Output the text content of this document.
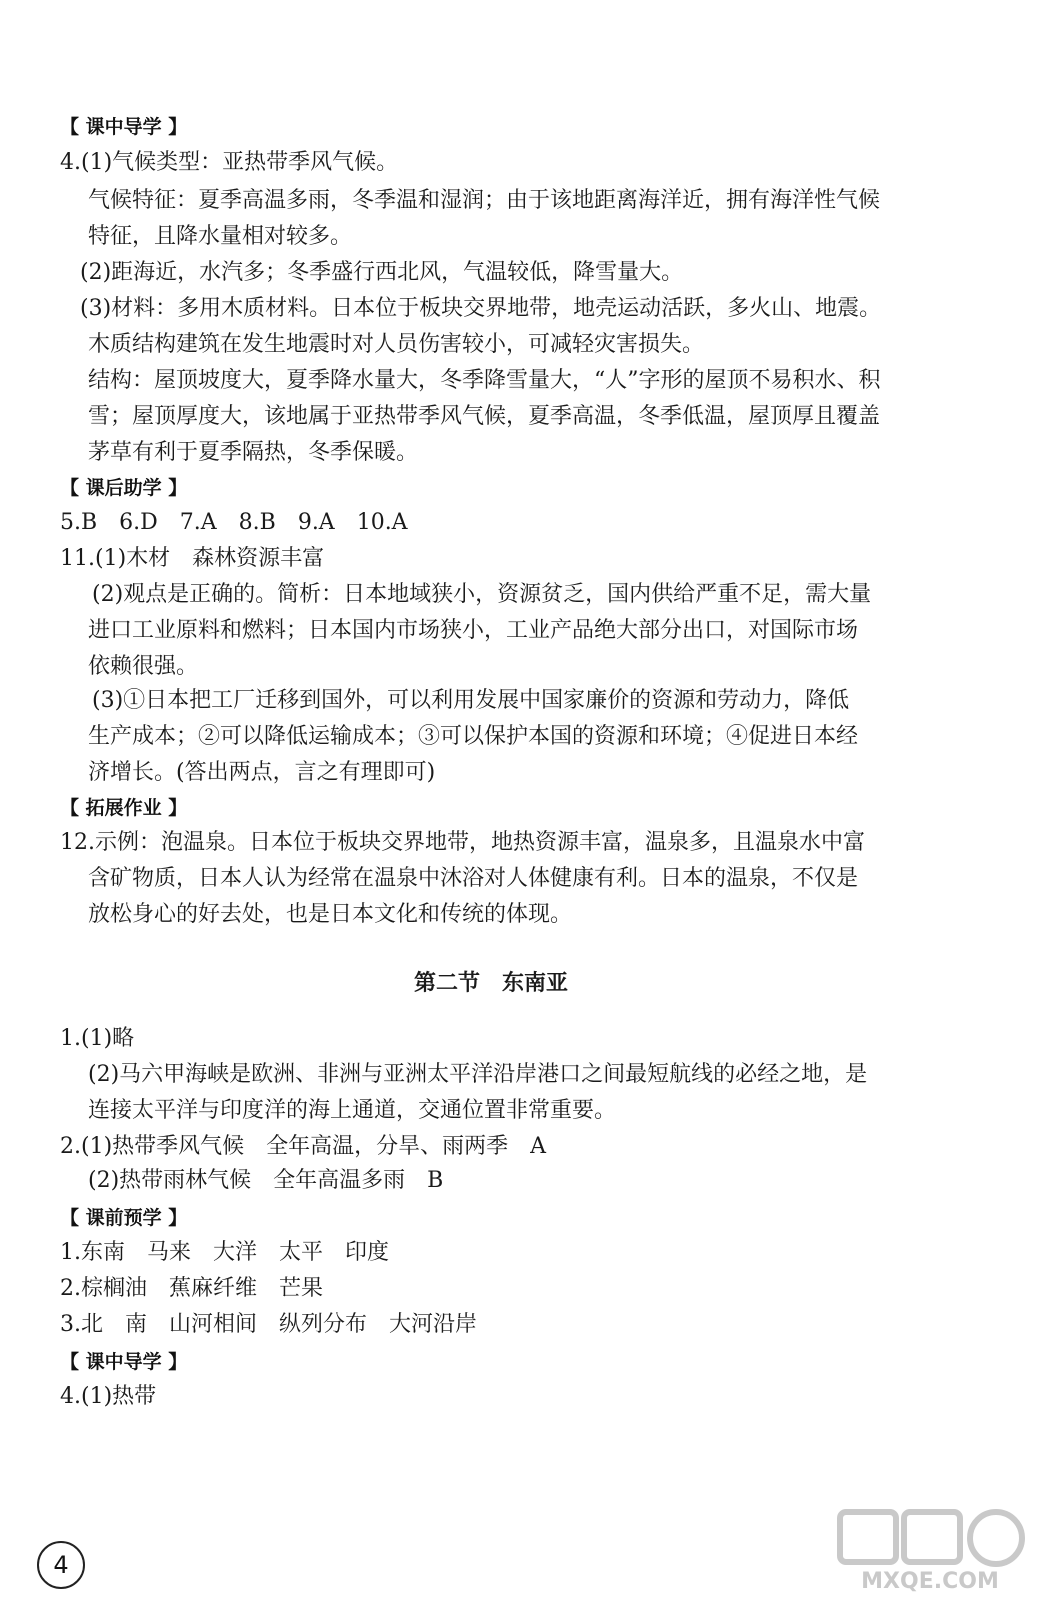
【 课中导学 】
4.(1)气候类型：亚热带季风气候。
气候特征：夏季高温多雨，冬季温和湿润；由于该地距离海洋近，拥有海洋性气候
特征，且降水量相对较多。
(2)距海近，水汽多；冬季盛行西北风，气温较低，降雪量大。
(3)材料：多用木质材料。日本位于板块交界地带，地壳运动活跃，多火山、地震。
木质结构建筑在发生地震时对人员伤害较小，可减轻灾害损失。
结构：屋顶坡度大，夏季降水量大，冬季降雪量大，“人”字形的屋顶不易积水、积
雪；屋顶厚度大，该地属于亚热带季风气候，夏季高温，冬季低温，屋顶厚且覆盖
茅草有利于夏季隔热，冬季保暖。
【 课后助学 】
5.B　6.D　7.A　8.B　9.A　10.A
11.(1)木材　森林资源丰富
(2)观点是正确的。简析：日本地域狭小，资源贫乏，国内供给严重不足，需大量
进口工业原料和燃料；日本国内市场狭小，工业产品绝大部分出口，对国际市场
依赖很强。
(3)①日本把工厂迁移到国外，可以利用发展中国家廉价的资源和劳动力，降低
生产成本；②可以降低运输成本；③可以保护本国的资源和环境；④促进日本经
济增长。(答出两点，言之有理即可)
【 拓展作业 】
12.示例：泡温泉。日本位于板块交界地带，地热资源丰富，温泉多，且温泉水中富
含矿物质，日本人认为经常在温泉中沐浴对人体健康有利。日本的温泉，不仅是
放松身心的好去处，也是日本文化和传统的体现。
第二节　东南亚
1.(1)略
(2)马六甲海峡是欧洲、非洲与亚洲太平洋沿岸港口之间最短航线的必经之地，是
连接太平洋与印度洋的海上通道，交通位置非常重要。
2.(1)热带季风气候　全年高温，分旱、雨两季　A
(2)热带雨林气候　全年高温多雨　B
【 课前预学 】
1.东南　马来　大洋　太平　印度
2.棕榈油　蕉麻纤维　芒果
3.北　南　山河相间　纵列分布　大河沿岸
【 课中导学 】
4.(1)热带
4
MXQE.COM
